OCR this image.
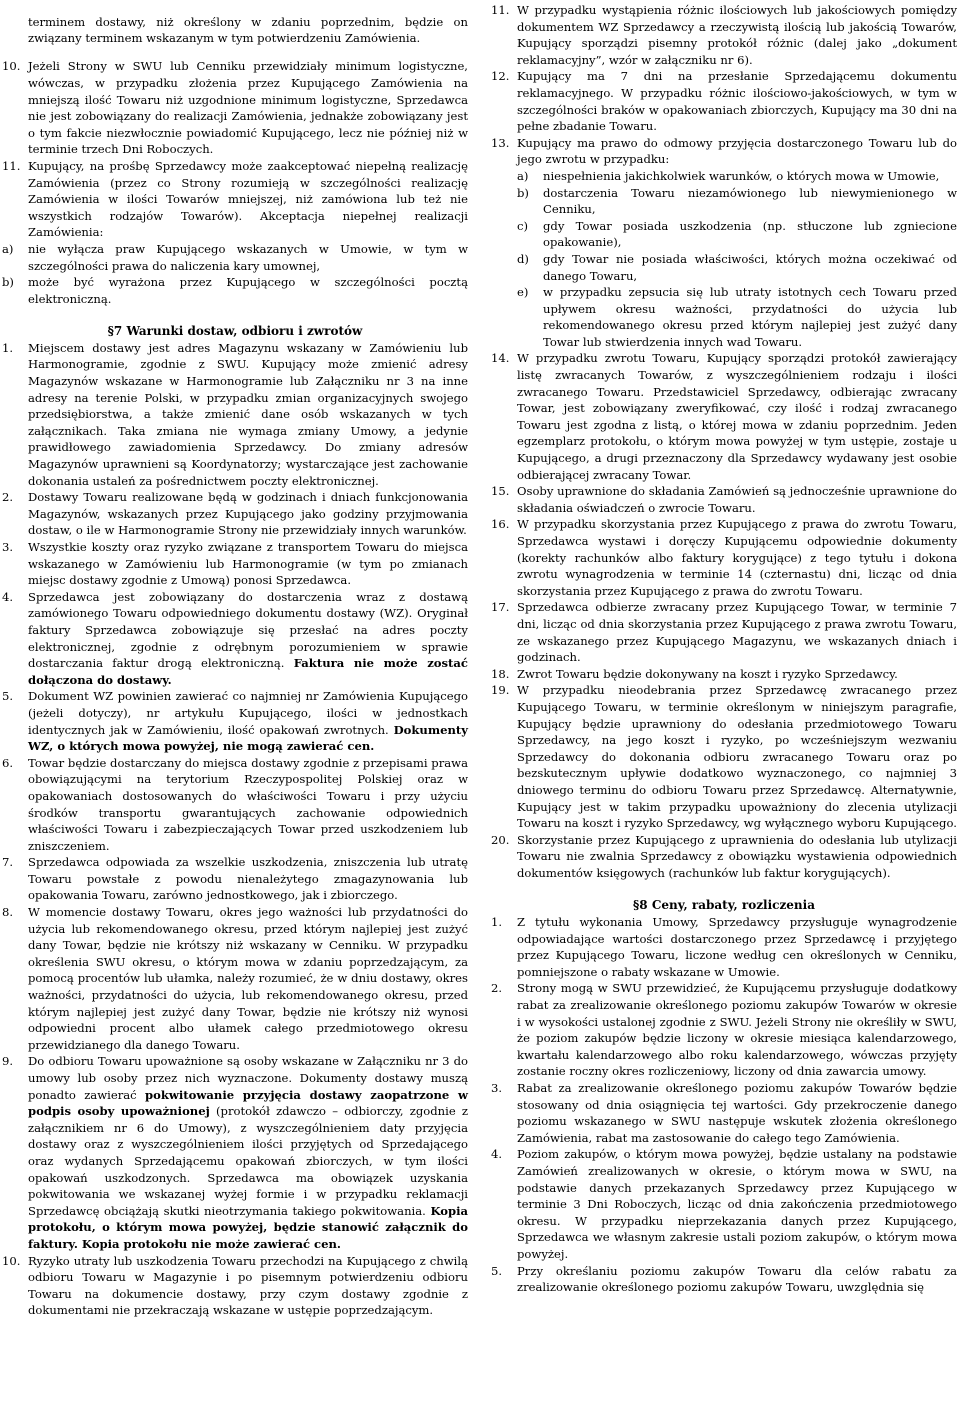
terminem dostawy, niż określony w zdaniu poprzednim, będzie on związany terminem wskazanym w tym potwierdzeniu Zamówienia.

10. Jeżeli Strony w SWU lub Cenniku przewidziały minimum logistyczne, wówczas, w przypadku złożenia przez Kupującego Zamówienia na mniejszą ilość Towaru niż uzgodnione minimum logistyczne, Sprzedawca nie jest zobowiązany do realizacji Zamówienia, jednakże zobowiązany jest o tym fakcie niezwłocznie powiadomić Kupującego, lecz nie później niż w terminie trzech Dni Roboczych.
11. Kupujący, na prośbę Sprzedawcy może zaakceptować niepełną realizację Zamówienia (przez co Strony rozumieją w szczególności realizację Zamówienia w ilości Towarów mniejszej, niż zamówiona lub też nie wszystkich rodzajów Towarów). Akceptacja niepełnej realizacji Zamówienia:
a)	nie wyłącza praw Kupującego wskazanych w Umowie, w tym w szczególności prawa do naliczenia kary umownej,
b)	może być wyrażona przez Kupującego w szczególności pocztą elektroniczną.

§7 Warunki dostaw, odbioru i zwrotów

1.	Miejscem dostawy jest adres Magazynu wskazany w Zamówieniu lub Harmonogramie, zgodnie z SWU. Kupujący może zmienić adresy Magazynów wskazane w Harmonogramie lub Załączniku nr 3 na inne adresy na terenie Polski, w przypadku zmian organizacyjnych swojego przedsiębiorstwa, a także zmienić dane osób wskazanych w tych załącznikach. Taka zmiana nie wymaga zmiany Umowy, a jedynie prawidłowego zawiadomienia Sprzedawcy. Do zmiany adresów Magazynów uprawnieni są Koordynatorzy; wystarczające jest zachowanie dokonania ustaleń za pośrednictwem poczty elektronicznej.
2.	Dostawy Towaru realizowane będą w godzinach i dniach funkcjonowania Magazynów, wskazanych przez Kupującego jako godziny przyjmowania dostaw, o ile w Harmonogramie Strony nie przewidziały innych warunków.
3.	Wszystkie koszty oraz ryzyko związane z transportem Towaru do miejsca wskazanego w Zamówieniu lub Harmonogramie (w tym po zmianach miejsc dostawy zgodnie z Umową) ponosi Sprzedawca.
4.	Sprzedawca jest zobowiązany do dostarczenia wraz z dostawą zamówionego Towaru odpowiedniego dokumentu dostawy (WZ). Oryginał faktury Sprzedawca zobowiązuje się przesłać na adres poczty elektronicznej, zgodnie z odrębnym porozumieniem w sprawie dostarczania faktur drogą elektroniczną. Faktura nie może zostać dołączona do dostawy.
5.	Dokument WZ powinien zawierać co najmniej nr Zamówienia Kupującego (jeżeli dotyczy), nr artykułu Kupującego, ilości w jednostkach identycznych jak w Zamówieniu, ilość opakowań zwrotnych. Dokumenty WZ, o których mowa powyżej, nie mogą zawierać cen.
6.	Towar będzie dostarczany do miejsca dostawy zgodnie z przepisami prawa obowiązującymi na terytorium Rzeczypospolitej Polskiej oraz w opakowaniach dostosowanych do właściwości Towaru i przy użyciu środków transportu gwarantujących zachowanie odpowiednich właściwości Towaru i zabezpieczających Towar przed uszkodzeniem lub zniszczeniem.
7.	Sprzedawca odpowiada za wszelkie uszkodzenia, zniszczenia lub utratę Towaru powstałe z powodu nienależytego zmagazynowania lub opakowania Towaru, zarówno jednostkowego, jak i zbiorczego.
8.	W momencie dostawy Towaru, okres jego ważności lub przydatności do użycia lub rekomendowanego okresu, przed którym najlepiej jest zużyć dany Towar, będzie nie krótszy niż wskazany w Cenniku. W przypadku określenia SWU okresu, o którym mowa w zdaniu poprzedzającym, za pomocą procentów lub ułamka, należy rozumieć, że w dniu dostawy, okres ważności, przydatności do użycia, lub rekomendowanego okresu, przed którym najlepiej jest zużyć dany Towar, będzie nie krótszy niż wynosi odpowiedni procent albo ułamek całego przedmiotowego okresu przewidzianego dla danego Towaru.
9.	Do odbioru Towaru upoważnione są osoby wskazane w Załączniku nr 3 do umowy lub osoby przez nich wyznaczone. Dokumenty dostawy muszą ponadto zawierać pokwitowanie przyjęcia dostawy zaopatrzone w podpis osoby upoważnionej (protokół zdawczo – odbiorczy, zgodnie z załącznikiem nr 6 do Umowy), z wyszczególnieniem daty przyjęcia dostawy oraz z wyszczególnieniem ilości przyjętych od Sprzedającego oraz wydanych Sprzedającemu opakowań zbiorczych, w tym ilości opakowań uszkodzonych. Sprzedawca ma obowiązek uzyskania pokwitowania we wskazanej wyżej formie i w przypadku reklamacji Sprzedawcę obciążają skutki nieotrzymania takiego pokwitowania. Kopia protokołu, o którym mowa powyżej, będzie stanowić załącznik do faktury. Kopia protokołu nie może zawierać cen.
10. Ryzyko utraty lub uszkodzenia Towaru przechodzi na Kupującego z chwilą odbioru Towaru w Magazynie i po pisemnym potwierdzeniu odbioru Towaru na dokumencie dostawy, przy czym dostawy zgodnie z dokumentami nie przekraczają wskazane w ustępie poprzedzającym.
11. W przypadku wystąpienia różnic ilościowych lub jakościowych pomiędzy dokumentem WZ Sprzedawcy a rzeczywistą ilością lub jakością Towarów, Kupujący sporządzi pisemny protokół różnic (dalej jako „dokument reklamacyjny”, wzór w załączniku nr 6).
12. Kupujący ma 7 dni na przesłanie Sprzedającemu dokumentu reklamacyjnego. W przypadku różnic ilościowo-jakościowych, w tym w szczególności braków w opakowaniach zbiorczych, Kupujący ma 30 dni na pełne zbadanie Towaru.
13. Kupujący ma prawo do odmowy przyjęcia dostarczonego Towaru lub do jego zwrotu w przypadku:
a)	niespełnienia jakichkolwiek warunków, o których mowa w Umowie,
b)	dostarczenia Towaru niezamówionego lub niewymienionego w Cenniku,
c)	gdy Towar posiada uszkodzenia (np. stłuczone lub zgniecione opakowanie),
d)	gdy Towar nie posiada właściwości, których można oczekiwać od danego Towaru,
e)	w przypadku zepsucia się lub utraty istotnych cech Towaru przed upływem okresu ważności, przydatności do użycia lub rekomendowanego okresu przed którym najlepiej jest zużyć dany Towar lub stwierdzenia innych wad Towaru.
14. W przypadku zwrotu Towaru, Kupujący sporządzi protokół zawierający listę zwracanych Towarów, z wyszczególnieniem rodzaju i ilości zwracanego Towaru. Przedstawiciel Sprzedawcy, odbierając zwracany Towar, jest zobowiązany zweryfikować, czy ilość i rodzaj zwracanego Towaru jest zgodna z listą, o której mowa w zdaniu poprzednim. Jeden egzemplarz protokołu, o którym mowa powyżej w tym ustępie, zostaje u Kupującego, a drugi przeznaczony dla Sprzedawcy wydawany jest osobie odbierającej zwracany Towar.
15. Osoby uprawnione do składania Zamówień są jednocześnie uprawnione do składania oświadczeń o zwrocie Towaru.
16. W przypadku skorzystania przez Kupującego z prawa do zwrotu Towaru, Sprzedawca wystawi i doręczy Kupującemu odpowiednie dokumenty (korekty rachunków albo faktury korygujące) z tego tytułu i dokona zwrotu wynagrodzenia w terminie 14 (czternastu) dni, licząc od dnia skorzystania przez Kupującego z prawa do zwrotu Towaru.
17. Sprzedawca odbierze zwracany przez Kupującego Towar, w terminie 7 dni, licząc od dnia skorzystania przez Kupującego z prawa zwrotu Towaru, ze wskazanego przez Kupującego Magazynu, we wskazanych dniach i godzinach.
18. Zwrot Towaru będzie dokonywany na koszt i ryzyko Sprzedawcy.
19. W przypadku nieodebrania przez Sprzedawcę zwracanego przez Kupującego Towaru, w terminie określonym w niniejszym paragrafie, Kupujący będzie uprawniony do odesłania przedmiotowego Towaru Sprzedawcy, na jego koszt i ryzyko, po wcześniejszym wezwaniu Sprzedawcy do dokonania odbioru zwracanego Towaru oraz po bezskutecznym upływie dodatkowo wyznaczonego, co najmniej 3 dniowego terminu do odbioru Towaru przez Sprzedawcę. Alternatywnie, Kupujący jest w takim przypadku upoważniony do zlecenia utylizacji Towaru na koszt i ryzyko Sprzedawcy, wg wyłącznego wyboru Kupującego.
20. Skorzystanie przez Kupującego z uprawnienia do odesłania lub utylizacji Towaru nie zwalnia Sprzedawcy z obowiązku wystawienia odpowiednich dokumentów księgowych (rachunków lub faktur korygujących).

§8 Ceny, rabaty, rozliczenia

1.	Z tytułu wykonania Umowy, Sprzedawcy przysługuje wynagrodzenie odpowiadające wartości dostarczonego przez Sprzedawcę i przyjętego przez Kupującego Towaru, liczone według cen określonych w Cenniku, pomniejszone o rabaty wskazane w Umowie.
2.	Strony mogą w SWU przewidzieć, że Kupującemu przysługuje dodatkowy rabat za zrealizowanie określonego poziomu zakupów Towarów w okresie i w wysokości ustalonej zgodnie z SWU. Jeżeli Strony nie określiły w SWU, że poziom zakupów będzie liczony w okresie miesiąca kalendarzowego, kwartału kalendarzowego albo roku kalendarzowego, wówczas przyjęty zostanie roczny okres rozliczeniowy, liczony od dnia zawarcia umowy.
3.	Rabat za zrealizowanie określonego poziomu zakupów Towarów będzie stosowany od dnia osiągnięcia tej wartości. Gdy przekroczenie danego poziomu wskazanego w SWU następuje wskutek złożenia określonego Zamówienia, rabat ma zastosowanie do całego tego Zamówienia.
4.	Poziom zakupów, o którym mowa powyżej, będzie ustalany na podstawie Zamówień zrealizowanych w okresie, o którym mowa w SWU, na podstawie danych przekazanych Sprzedawcy przez Kupującego w terminie 3 Dni Roboczych, licząc od dnia zakończenia przedmiotowego okresu. W przypadku nieprzekazania danych przez Kupującego, Sprzedawca we własnym zakresie ustali poziom zakupów, o którym mowa powyżej.
5.	Przy określaniu poziomu zakupów Towaru dla celów rabatu za zrealizowanie określonego poziomu zakupów Towaru, uwzględnia się
